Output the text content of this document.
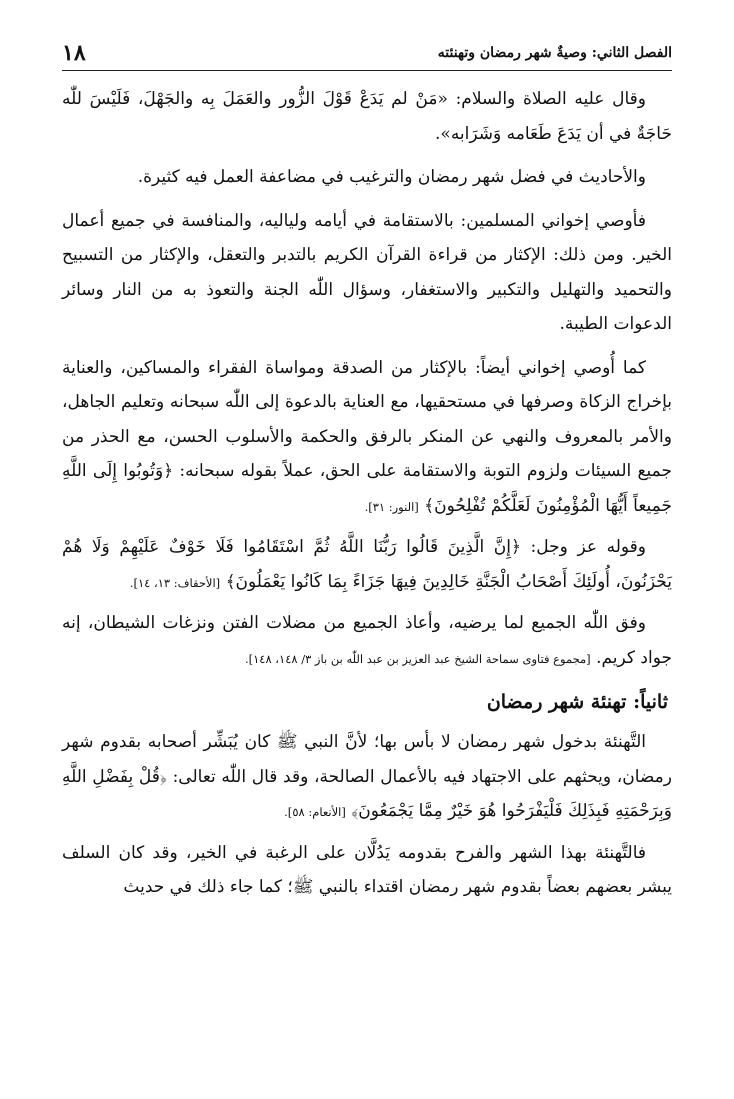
الفصل الثاني: وصيةٌ شهر رمضان وتهنئته
١٨

وقال عليه الصلاة والسلام: «مَنْ لم يَدَعْ قَوْلَ الزُّور والعَمَلَ بِه والجَهْلَ، فَلَيْسَ للّٰه حَاجَةٌ في أن يَدَعَ طَعَامه وَشَرَابه».

والأحاديث في فضل شهر رمضان والترغيب في مضاعفة العمل فيه كثيرة.

فأوصي إخواني المسلمين: بالاستقامة في أيامه ولياليه، والمنافسة في جميع أعمال الخير. ومن ذلك: الإكثار من قراءة القرآن الكريم بالتدبر والتعقل، والإكثار من التسبيح والتحميد والتهليل والتكبير والاستغفار، وسؤال اللّٰه الجنة والتعوذ به من النار وسائر الدعوات الطيبة.

كما أُوصي إخواني أيضاً: بالإكثار من الصدقة ومواساة الفقراء والمساكين، والعناية بإخراج الزكاة وصرفها في مستحقيها، مع العناية بالدعوة إلى اللّٰه سبحانه وتعليم الجاهل، والأمر بالمعروف والنهي عن المنكر بالرفق والحكمة والأسلوب الحسن، مع الحذر من جميع السيئات ولزوم التوبة والاستقامة على الحق، عملاً بقوله سبحانه: ﴿وَتُوبُوا إِلَى اللَّهِ جَمِيعاً أَيُّهَا الْمُؤْمِنُونَ لَعَلَّكُمْ تُفْلِحُونَ﴾ [النور: ٣١].

وقوله عز وجل: ﴿إِنَّ الَّذِينَ قَالُوا رَبُّنَا اللَّهُ ثُمَّ اسْتَقَامُوا فَلَا خَوْفٌ عَلَيْهِمْ وَلَا هُمْ يَحْزَنُونَ، أُولَئِكَ أَصْحَابُ الْجَنَّةِ خَالِدِينَ فِيهَا جَزَاءً بِمَا كَانُوا يَعْمَلُونَ﴾ [الأحقاف: ١٣، ١٤].

وفق اللّٰه الجميع لما يرضيه، وأعاذ الجميع من مضلات الفتن ونزغات الشيطان، إنه جواد كريم. [مجموع فتاوى سماحة الشيخ عبد العزيز بن عبد اللّٰه بن باز ٣/ ١٤٨، ١٤٨].

ثانياً: تهنئة شهر رمضان

التَّهنئة بدخول شهر رمضان لا بأس بها؛ لأنَّ النبي ﷺ كان يُبَشِّر أصحابه بقدوم شهر رمضان، ويحثهم على الاجتهاد فيه بالأعمال الصالحة، وقد قال اللّٰه تعالى: ﴿قُلْ بِفَضْلِ اللَّهِ وَبِرَحْمَتِهِ فَبِذَلِكَ فَلْيَفْرَحُوا هُوَ خَيْرٌ مِمَّا يَجْمَعُونَ﴾ [الأنعام: ٥٨].

فالتَّهنئة بهذا الشهر والفرح بقدومه يَدُلَّان على الرغبة في الخير، وقد كان السلف يبشر بعضهم بعضاً بقدوم شهر رمضان اقتداء بالنبي ﷺ؛ كما جاء ذلك في حديث
